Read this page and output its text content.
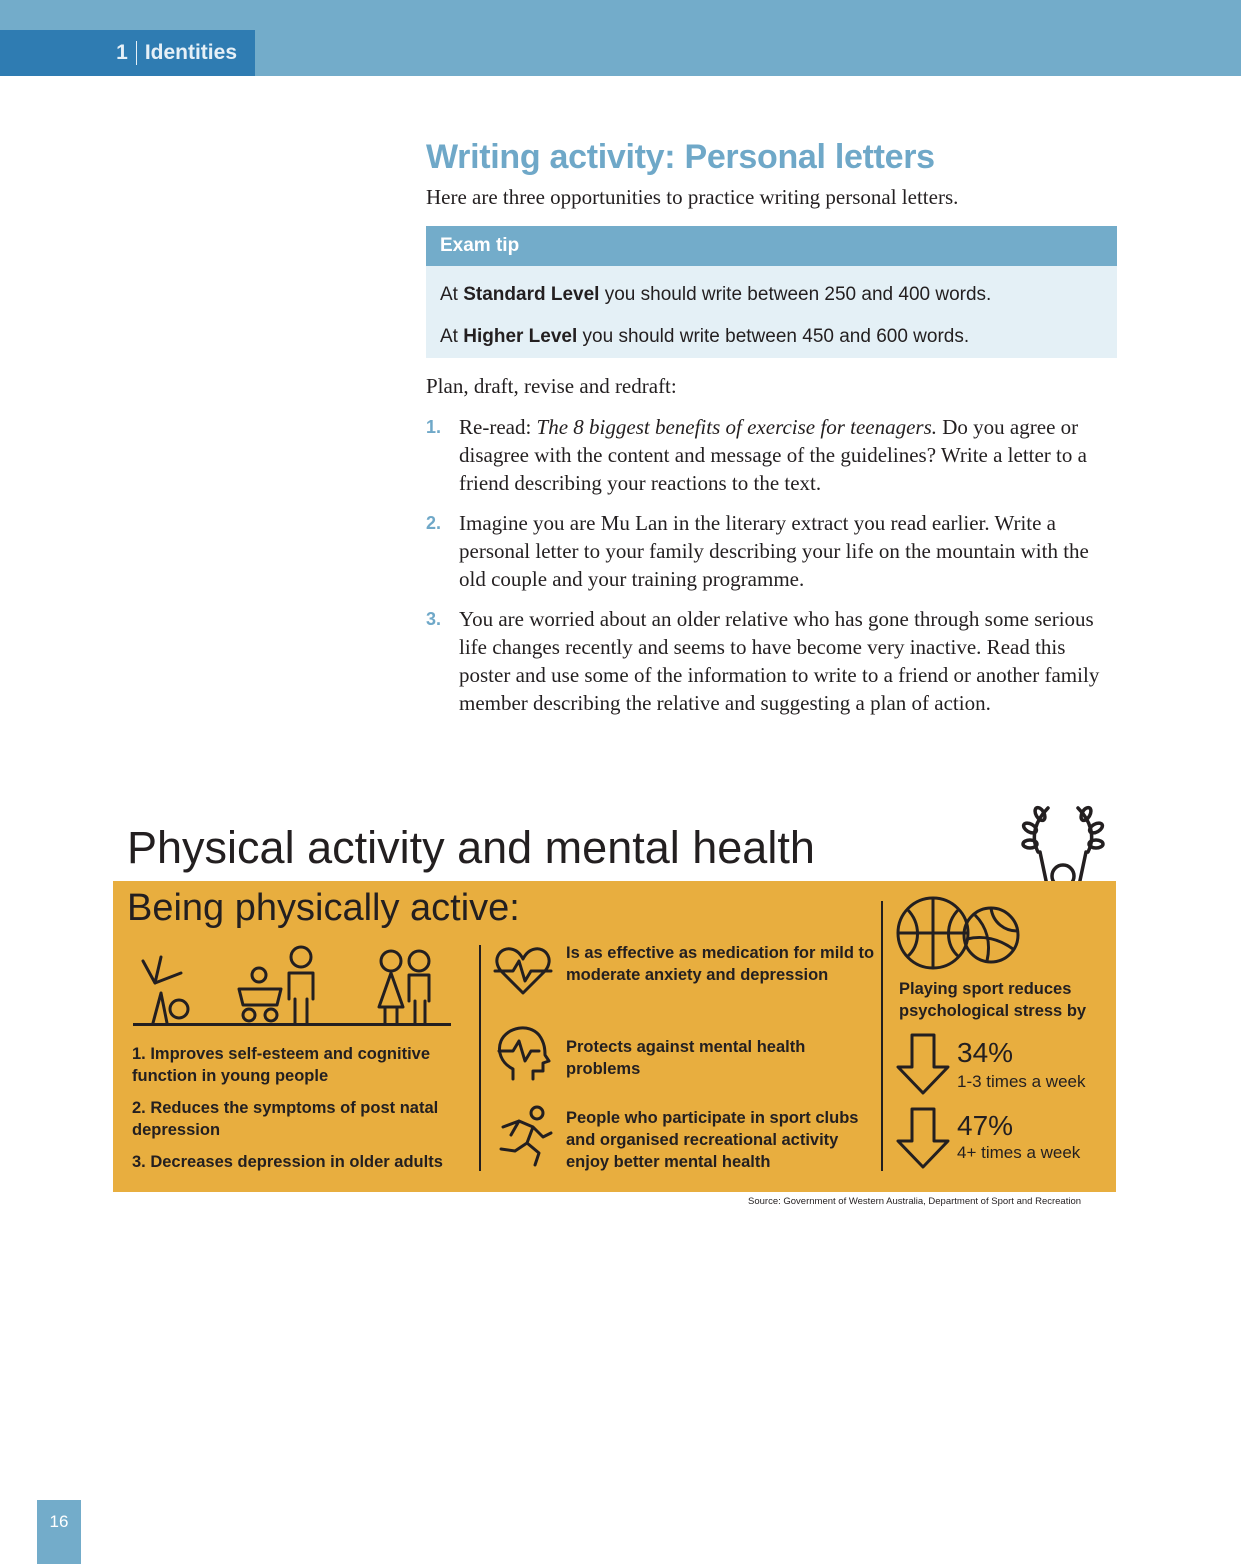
1 Identities
Writing activity: Personal letters

Here are three opportunities to practice writing personal letters.

Exam tip
At Standard Level you should write between 250 and 400 words.
At Higher Level you should write between 450 and 600 words.

Plan, draft, revise and redraft:

1. Re-read: The 8 biggest benefits of exercise for teenagers. Do you agree or disagree with the content and message of the guidelines? Write a letter to a friend describing your reactions to the text.
2. Imagine you are Mu Lan in the literary extract you read earlier. Write a personal letter to your family describing your life on the mountain with the old couple and your training programme.
3. You are worried about an older relative who has gone through some serious life changes recently and seems to have become very inactive. Read this poster and use some of the information to write to a friend or another family member describing the relative and suggesting a plan of action.
Physical activity and mental health
Being physically active:

1. Improves self-esteem and cognitive function in young people

2. Reduces the symptoms of post natal depression

3. Decreases depression in older adults

Is as effective as medication for mild to moderate anxiety and depression
Protects against mental health problems
People who participate in sport clubs and organised recreational activity enjoy better mental health
Playing sport reduces psychological stress by
34%
1-3 times a week
47%
4+ times a week
Source: Government of Western Australia, Department of Sport and Recreation
16
